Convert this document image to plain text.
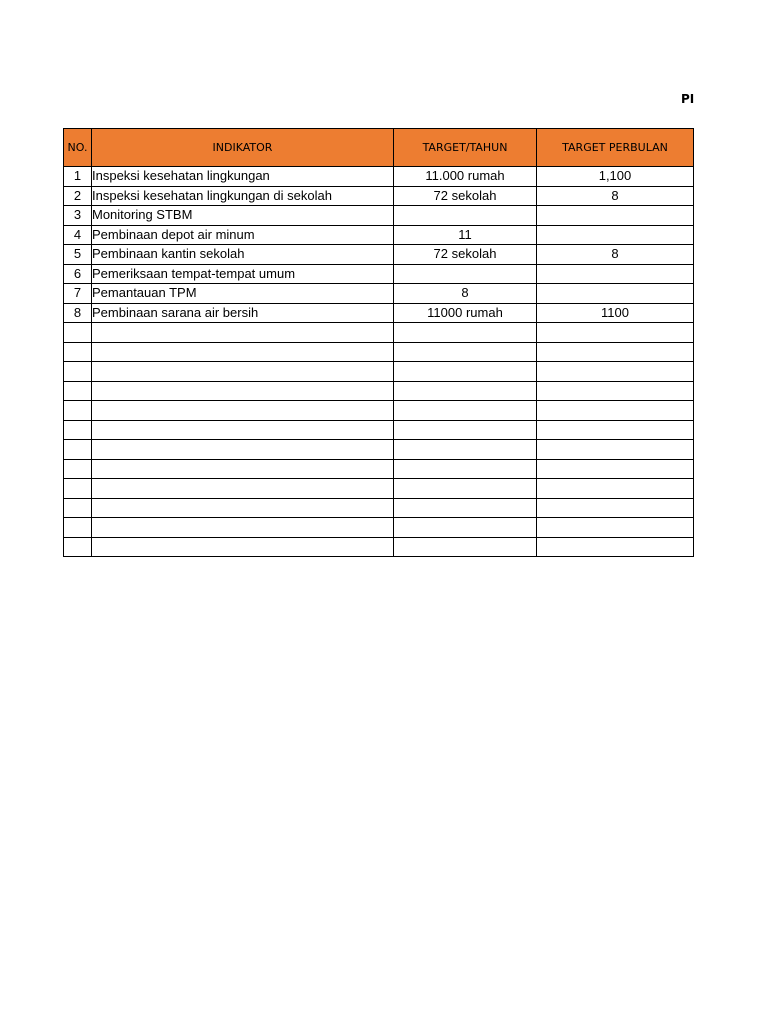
PI
NO.	INDIKATOR	TARGET/TAHUN	TARGET PERBULAN
1	Inspeksi kesehatan lingkungan	11.000 rumah	1,100
2	Inspeksi kesehatan lingkungan di sekolah	72 sekolah	8
3	Monitoring STBM		
4	Pembinaan depot air minum	11	
5	Pembinaan kantin sekolah	72 sekolah	8
6	Pemeriksaan tempat-tempat umum		
7	Pemantauan TPM	8	
8	Pembinaan sarana air bersih	11000 rumah	1100
